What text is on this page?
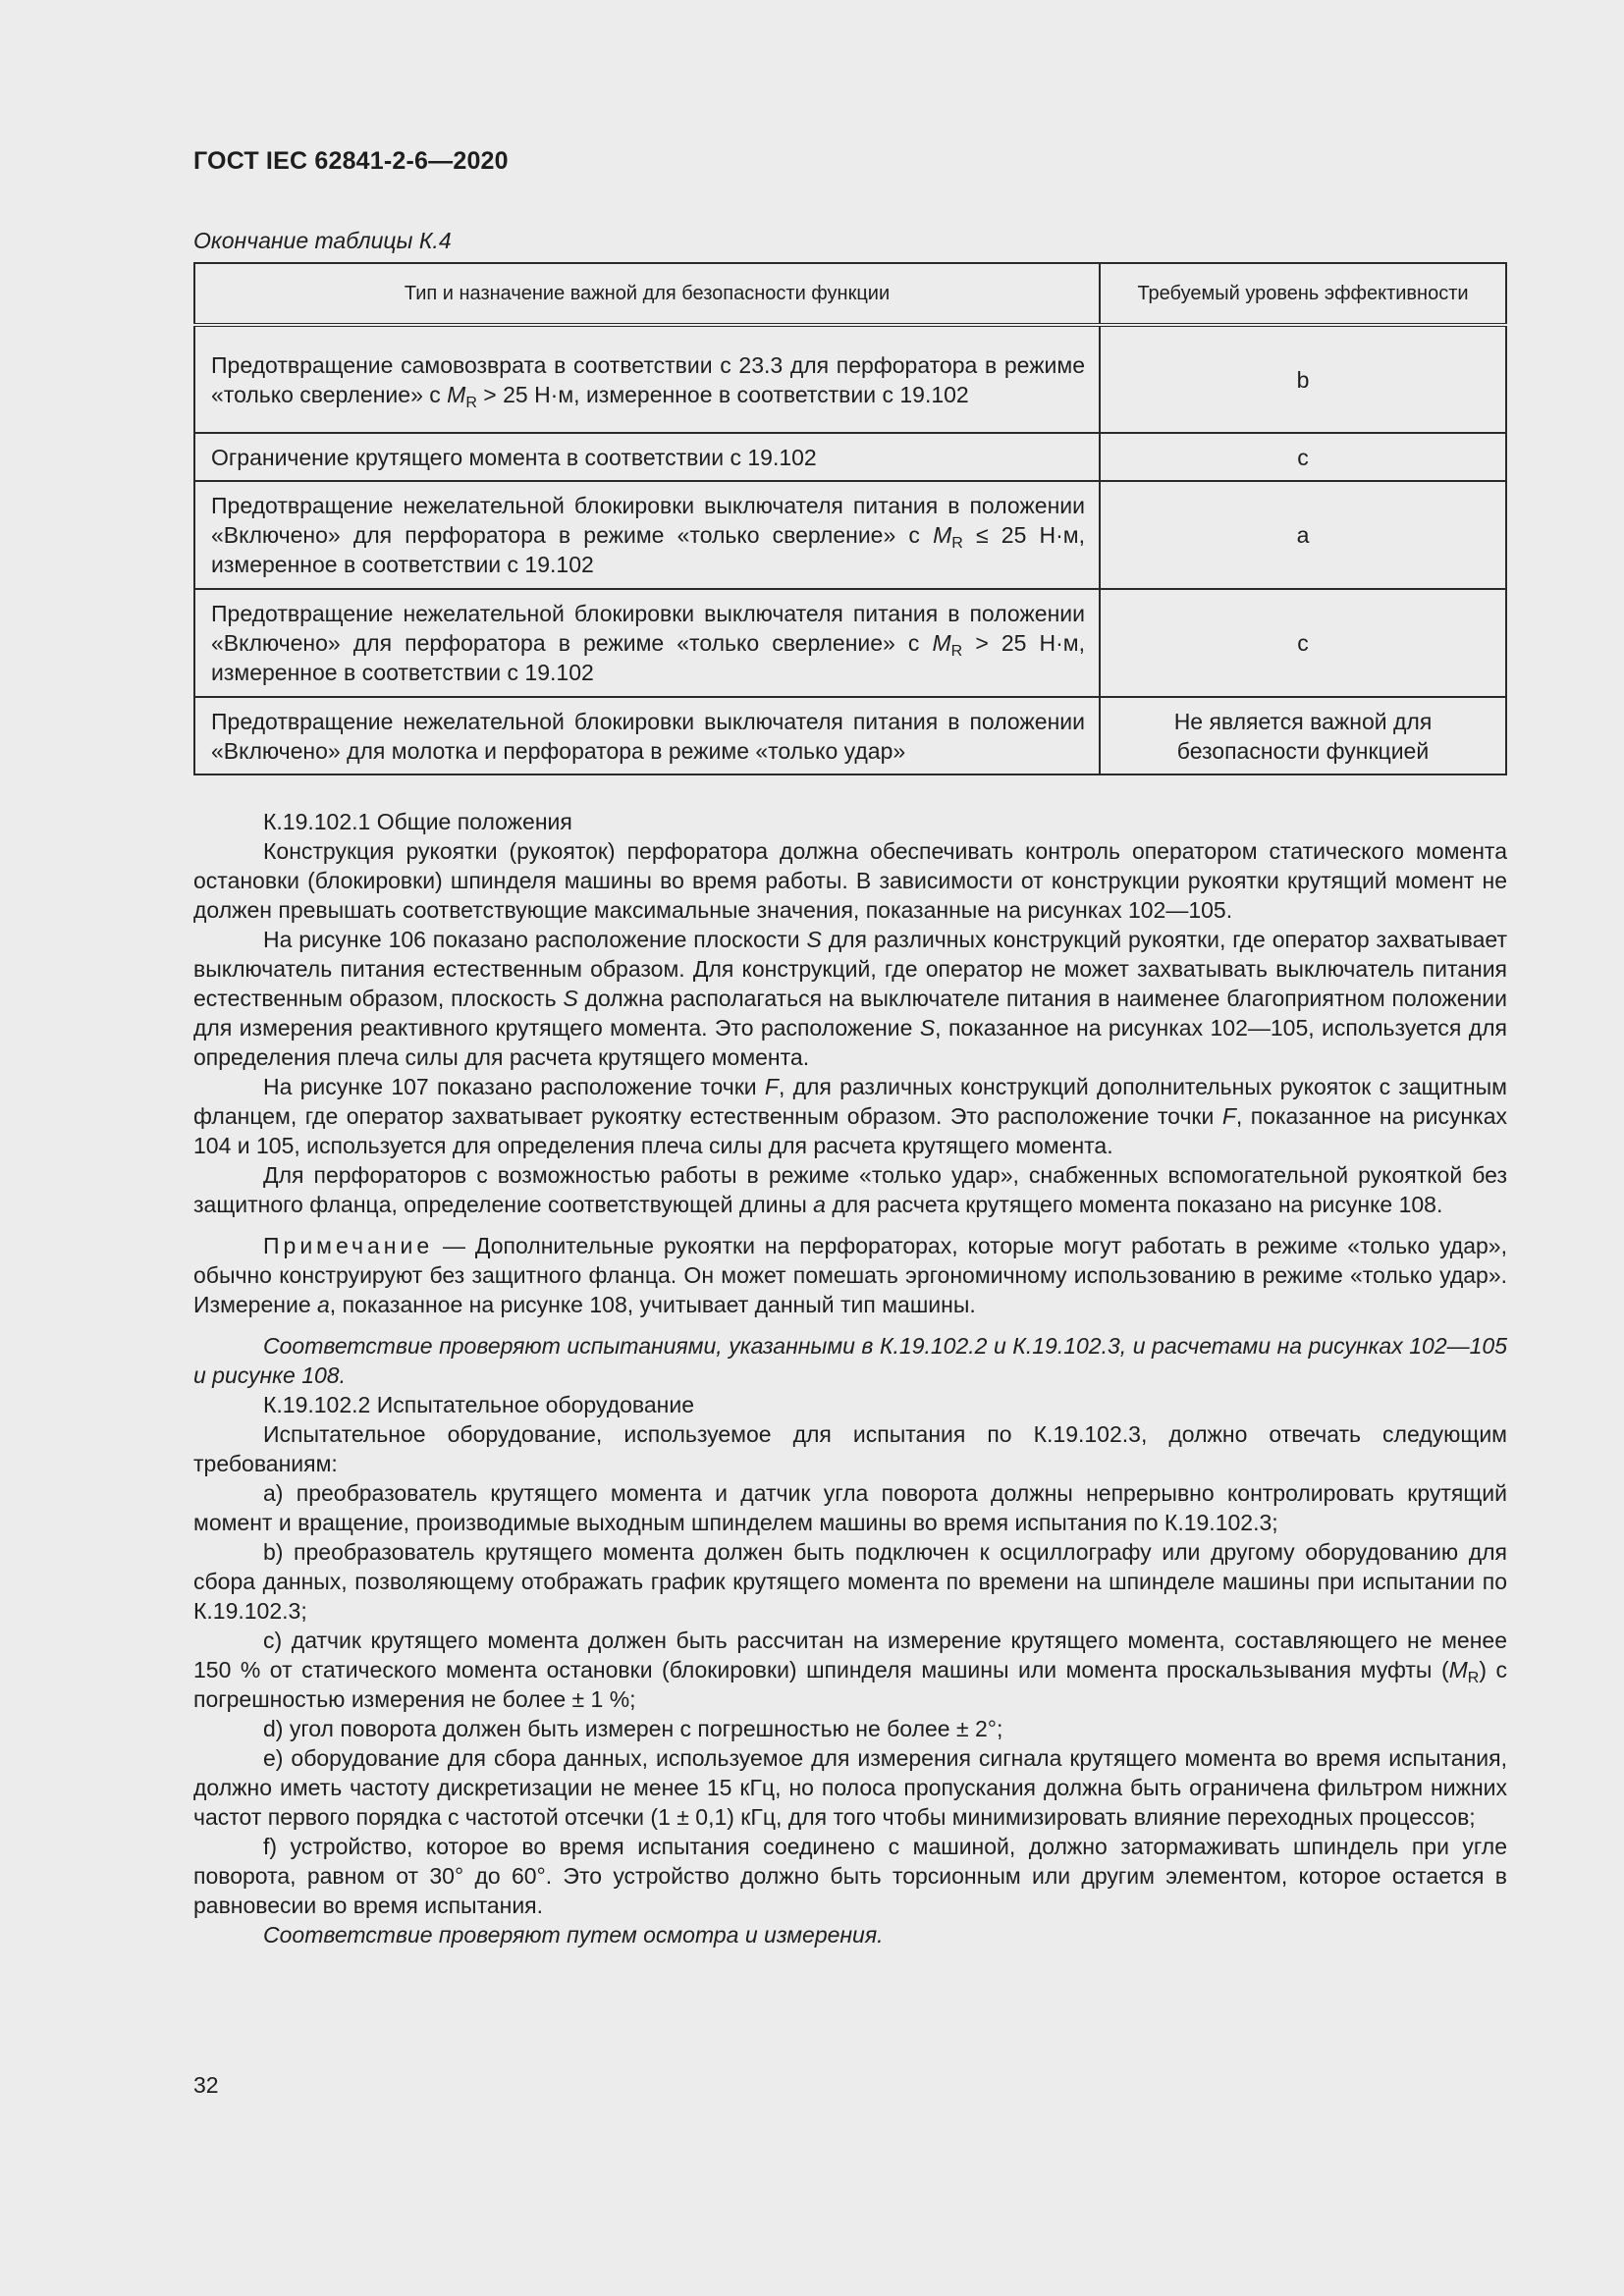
ГОСТ IEC 62841-2-6—2020
Окончание таблицы К.4
Тип и назначение важной для безопасности функции	Требуемый уровень эффективности
Предотвращение самовозврата в соответствии с 23.3 для перфоратора в режиме «только сверление» с $M_R > 25$ Н·м, измеренное в соответствии с 19.102	b
Ограничение крутящего момента в соответствии с 19.102	c
Предотвращение нежелательной блокировки выключателя питания в положении «Включено» для перфоратора в режиме «только сверление» с $M_R \le 25$ Н·м, измеренное в соответствии с 19.102	a
Предотвращение нежелательной блокировки выключателя питания в положении «Включено» для перфоратора в режиме «только сверление» с $M_R > 25$ Н·м, измеренное в соответствии с 19.102	c
Предотвращение нежелательной блокировки выключателя питания в положении «Включено» для молотка и перфоратора в режиме «только удар»	Не является важной для безопасности функцией

К.19.102.1 Общие положения

Конструкция рукоятки (рукояток) перфоратора должна обеспечивать контроль оператором статического момента остановки (блокировки) шпинделя машины во время работы. В зависимости от конструкции рукоятки крутящий момент не должен превышать соответствующие максимальные значения, показанные на рисунках 102—105.

На рисунке 106 показано расположение плоскости S для различных конструкций рукоятки, где оператор захватывает выключатель питания естественным образом. Для конструкций, где оператор не может захватывать выключатель питания естественным образом, плоскость S должна располагаться на выключателе питания в наименее благоприятном положении для измерения реактивного крутящего момента. Это расположение S, показанное на рисунках 102—105, используется для определения плеча силы для расчета крутящего момента.

На рисунке 107 показано расположение точки F, для различных конструкций дополнительных рукояток с защитным фланцем, где оператор захватывает рукоятку естественным образом. Это расположение точки F, показанное на рисунках 104 и 105, используется для определения плеча силы для расчета крутящего момента.

Для перфораторов с возможностью работы в режиме «только удар», снабженных вспомогательной рукояткой без защитного фланца, определение соответствующей длины a для расчета крутящего момента показано на рисунке 108.

Примечание — Дополнительные рукоятки на перфораторах, которые могут работать в режиме «только удар», обычно конструируют без защитного фланца. Он может помешать эргономичному использованию в режиме «только удар». Измерение a, показанное на рисунке 108, учитывает данный тип машины.

Соответствие проверяют испытаниями, указанными в К.19.102.2 и К.19.102.3, и расчетами на рисунках 102—105 и рисунке 108.

К.19.102.2 Испытательное оборудование

Испытательное оборудование, используемое для испытания по К.19.102.3, должно отвечать следующим требованиям:

а) преобразователь крутящего момента и датчик угла поворота должны непрерывно контролировать крутящий момент и вращение, производимые выходным шпинделем машины во время испытания по К.19.102.3;

b) преобразователь крутящего момента должен быть подключен к осциллографу или другому оборудованию для сбора данных, позволяющему отображать график крутящего момента по времени на шпинделе машины при испытании по К.19.102.3;

с) датчик крутящего момента должен быть рассчитан на измерение крутящего момента, составляющего не менее 150 % от статического момента остановки (блокировки) шпинделя машины или момента проскальзывания муфты $(M_R)$ с погрешностью измерения не более ± 1 %;

d) угол поворота должен быть измерен с погрешностью не более ± 2°;

е) оборудование для сбора данных, используемое для измерения сигнала крутящего момента во время испытания, должно иметь частоту дискретизации не менее 15 кГц, но полоса пропускания должна быть ограничена фильтром нижних частот первого порядка с частотой отсечки (1 ± 0,1) кГц, для того чтобы минимизировать влияние переходных процессов;

f) устройство, которое во время испытания соединено с машиной, должно затормаживать шпиндель при угле поворота, равном от 30° до 60°. Это устройство должно быть торсионным или другим элементом, которое остается в равновесии во время испытания.

Соответствие проверяют путем осмотра и измерения.

32
